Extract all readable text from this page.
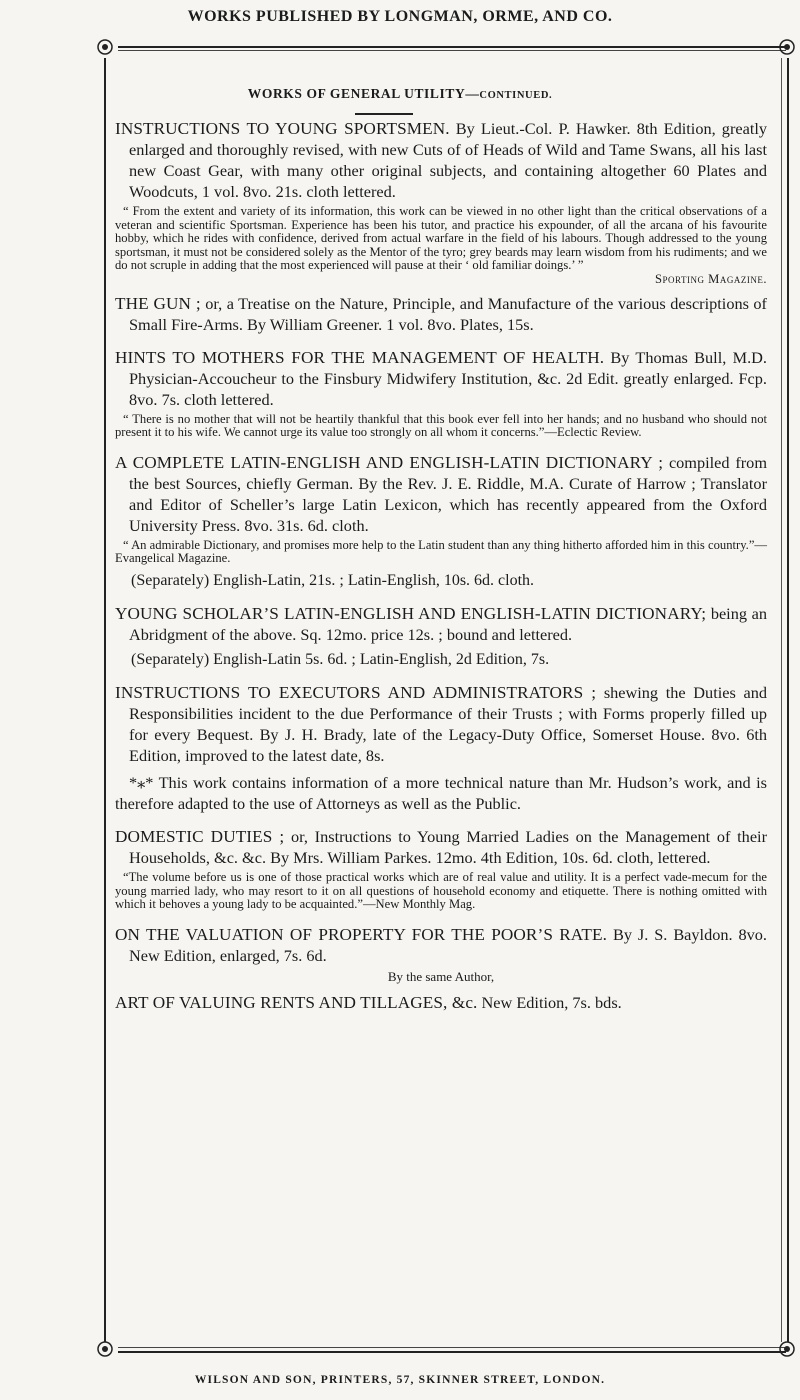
WORKS PUBLISHED BY LONGMAN, ORME, AND CO.
WORKS OF GENERAL UTILITY—CONTINUED.

INSTRUCTIONS TO YOUNG SPORTSMEN. By Lieut.-Col. P. Hawker. 8th Edition, greatly enlarged and thoroughly revised, with new Cuts of of Heads of Wild and Tame Swans, all his last new Coast Gear, with many other original subjects, and containing altogether 60 Plates and Woodcuts, 1 vol. 8vo. 21s. cloth lettered.

“ From the extent and variety of its information, this work can be viewed in no other light than the critical observations of a veteran and scientific Sportsman. Experience has been his tutor, and practice his expounder, of all the arcana of his favourite hobby, which he rides with confidence, derived from actual warfare in the field of his labours. Though addressed to the young sportsman, it must not be considered solely as the Mentor of the tyro; grey beards may learn wisdom from his rudiments; and we do not scruple in adding that the most experienced will pause at their ‘ old familiar doings.’ ”

Sporting Magazine.

THE GUN ; or, a Treatise on the Nature, Principle, and Manufacture of the various descriptions of Small Fire-Arms. By William Greener. 1 vol. 8vo. Plates, 15s.

HINTS TO MOTHERS FOR THE MANAGEMENT OF HEALTH. By Thomas Bull, M.D. Physician-Accoucheur to the Finsbury Midwifery Institution, &c. 2d Edit. greatly enlarged. Fcp. 8vo. 7s. cloth lettered.

“ There is no mother that will not be heartily thankful that this book ever fell into her hands; and no husband who should not present it to his wife. We cannot urge its value too strongly on all whom it concerns.”—Eclectic Review.

A COMPLETE LATIN-ENGLISH AND ENGLISH-LATIN DICTIONARY ; compiled from the best Sources, chiefly German. By the Rev. J. E. Riddle, M.A. Curate of Harrow ; Translator and Editor of Scheller’s large Latin Lexicon, which has recently appeared from the Oxford University Press. 8vo. 31s. 6d. cloth.

“ An admirable Dictionary, and promises more help to the Latin student than any thing hitherto afforded him in this country.”—Evangelical Magazine.

(Separately) English-Latin, 21s. ; Latin-English, 10s. 6d. cloth.

YOUNG SCHOLAR’S LATIN-ENGLISH AND ENGLISH-LATIN DICTIONARY; being an Abridgment of the above. Sq. 12mo. price 12s. ; bound and lettered.

(Separately) English-Latin 5s. 6d. ; Latin-English, 2d Edition, 7s.

INSTRUCTIONS TO EXECUTORS AND ADMINISTRATORS ; shewing the Duties and Responsibilities incident to the due Performance of their Trusts ; with Forms properly filled up for every Bequest. By J. H. Brady, late of the Legacy-Duty Office, Somerset House. 8vo. 6th Edition, improved to the latest date, 8s.

*⁎* This work contains information of a more technical nature than Mr. Hudson’s work, and is therefore adapted to the use of Attorneys as well as the Public.

DOMESTIC DUTIES ; or, Instructions to Young Married Ladies on the Management of their Households, &c. &c. By Mrs. William Parkes. 12mo. 4th Edition, 10s. 6d. cloth, lettered.

“The volume before us is one of those practical works which are of real value and utility. It is a perfect vade-mecum for the young married lady, who may resort to it on all questions of household economy and etiquette. There is nothing omitted with which it behoves a young lady to be acquainted.”—New Monthly Mag.

ON THE VALUATION OF PROPERTY FOR THE POOR’S RATE. By J. S. Bayldon. 8vo. New Edition, enlarged, 7s. 6d.

By the same Author,

ART OF VALUING RENTS AND TILLAGES, &c. New Edition, 7s. bds.

WILSON AND SON, PRINTERS, 57, SKINNER STREET, LONDON.
